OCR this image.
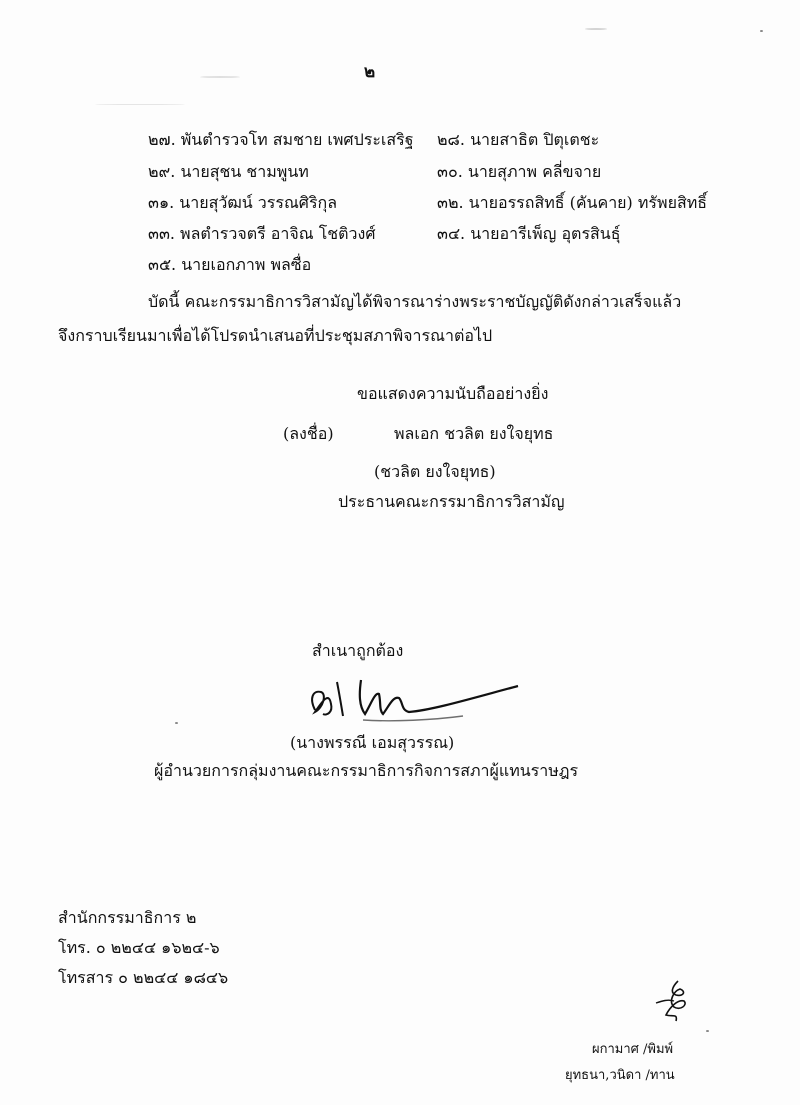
๒
๒๗. พันตำรวจโท สมชาย เพศประเสริฐ ๒๘. นายสาธิต ปิตุเตชะ
๒๙. นายสุชน ชามพูนท	๓๐. นายสุภาพ คลี่ขจาย
๓๑. นายสุวัฒน์ วรรณศิริกุล	๓๒. นายอรรถสิทธิ์ (คันคาย) ทรัพยสิทธิ์
๓๓. พลตำรวจตรี อาจิณ โชติวงศ์	๓๔. นายอารีเพ็ญ อุตรสินธุ์
๓๕. นายเอกภาพ พลซื่อ
บัดนี้ คณะกรรมาธิการวิสามัญได้พิจารณาร่างพระราชบัญญัติดังกล่าวเสร็จแล้ว
จึงกราบเรียนมาเพื่อได้โปรดนำเสนอที่ประชุมสภาพิจารณาต่อไป
ขอแสดงความนับถืออย่างยิ่ง
(ลงชื่อ)	พลเอก ชวลิต ยงใจยุทธ
(ชวลิต ยงใจยุทธ)
ประธานคณะกรรมาธิการวิสามัญ
สำเนาถูกต้อง
(นางพรรณี เอมสุวรรณ)
ผู้อำนวยการกลุ่มงานคณะกรรมาธิการกิจการสภาผู้แทนราษฎร
สำนักกรรมาธิการ ๒
โทร. ๐ ๒๒๔๔ ๑๖๒๔-๖
โทรสาร ๐ ๒๒๔๔ ๑๘๔๖
ผกามาศ /พิมพ์
ยุทธนา,วนิดา /ทาน
